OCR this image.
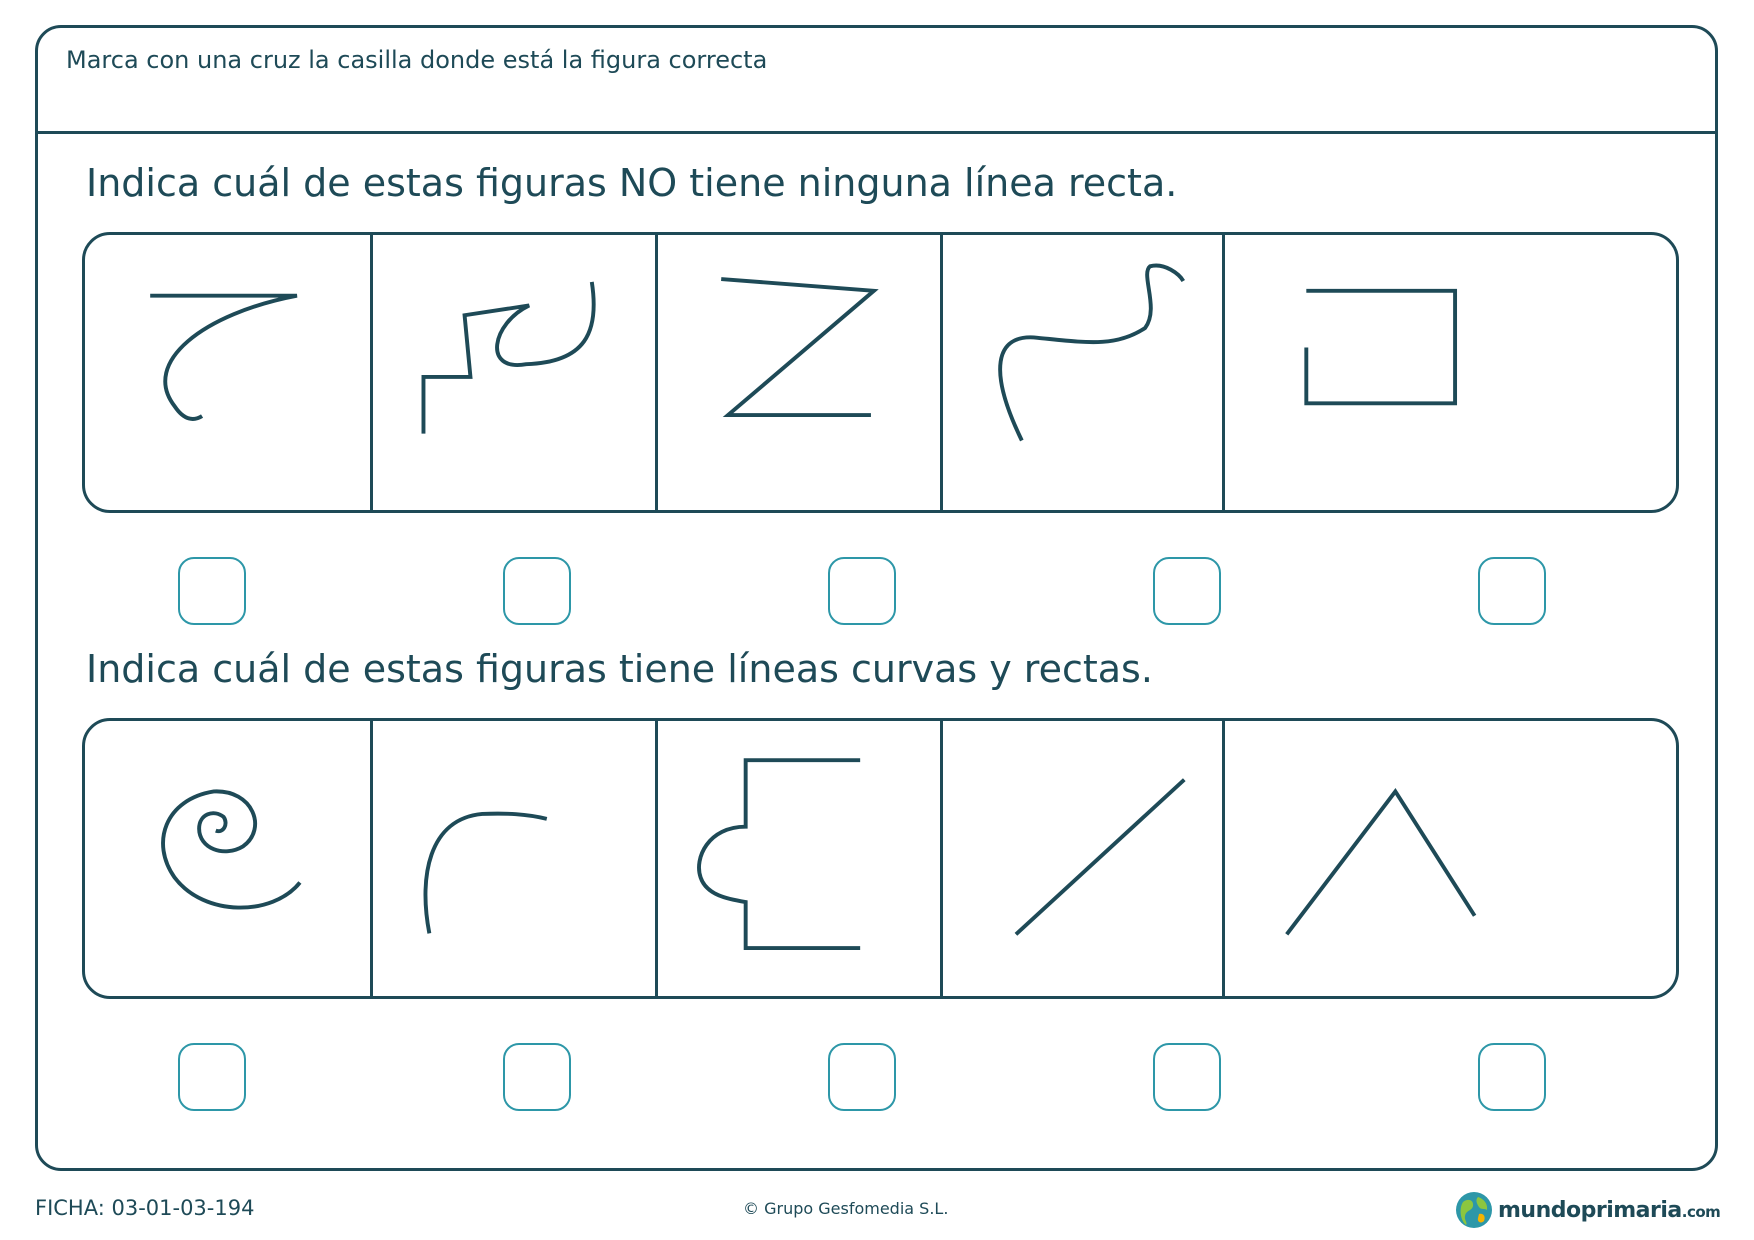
Marca con una cruz la casilla donde está la figura correcta
Indica cuál de estas figuras NO tiene ninguna línea recta.
Indica cuál de estas figuras tiene líneas curvas y rectas.
FICHA: 03-01-03-194	© Grupo Gesfomedia S.L.	mundoprimaria.com
